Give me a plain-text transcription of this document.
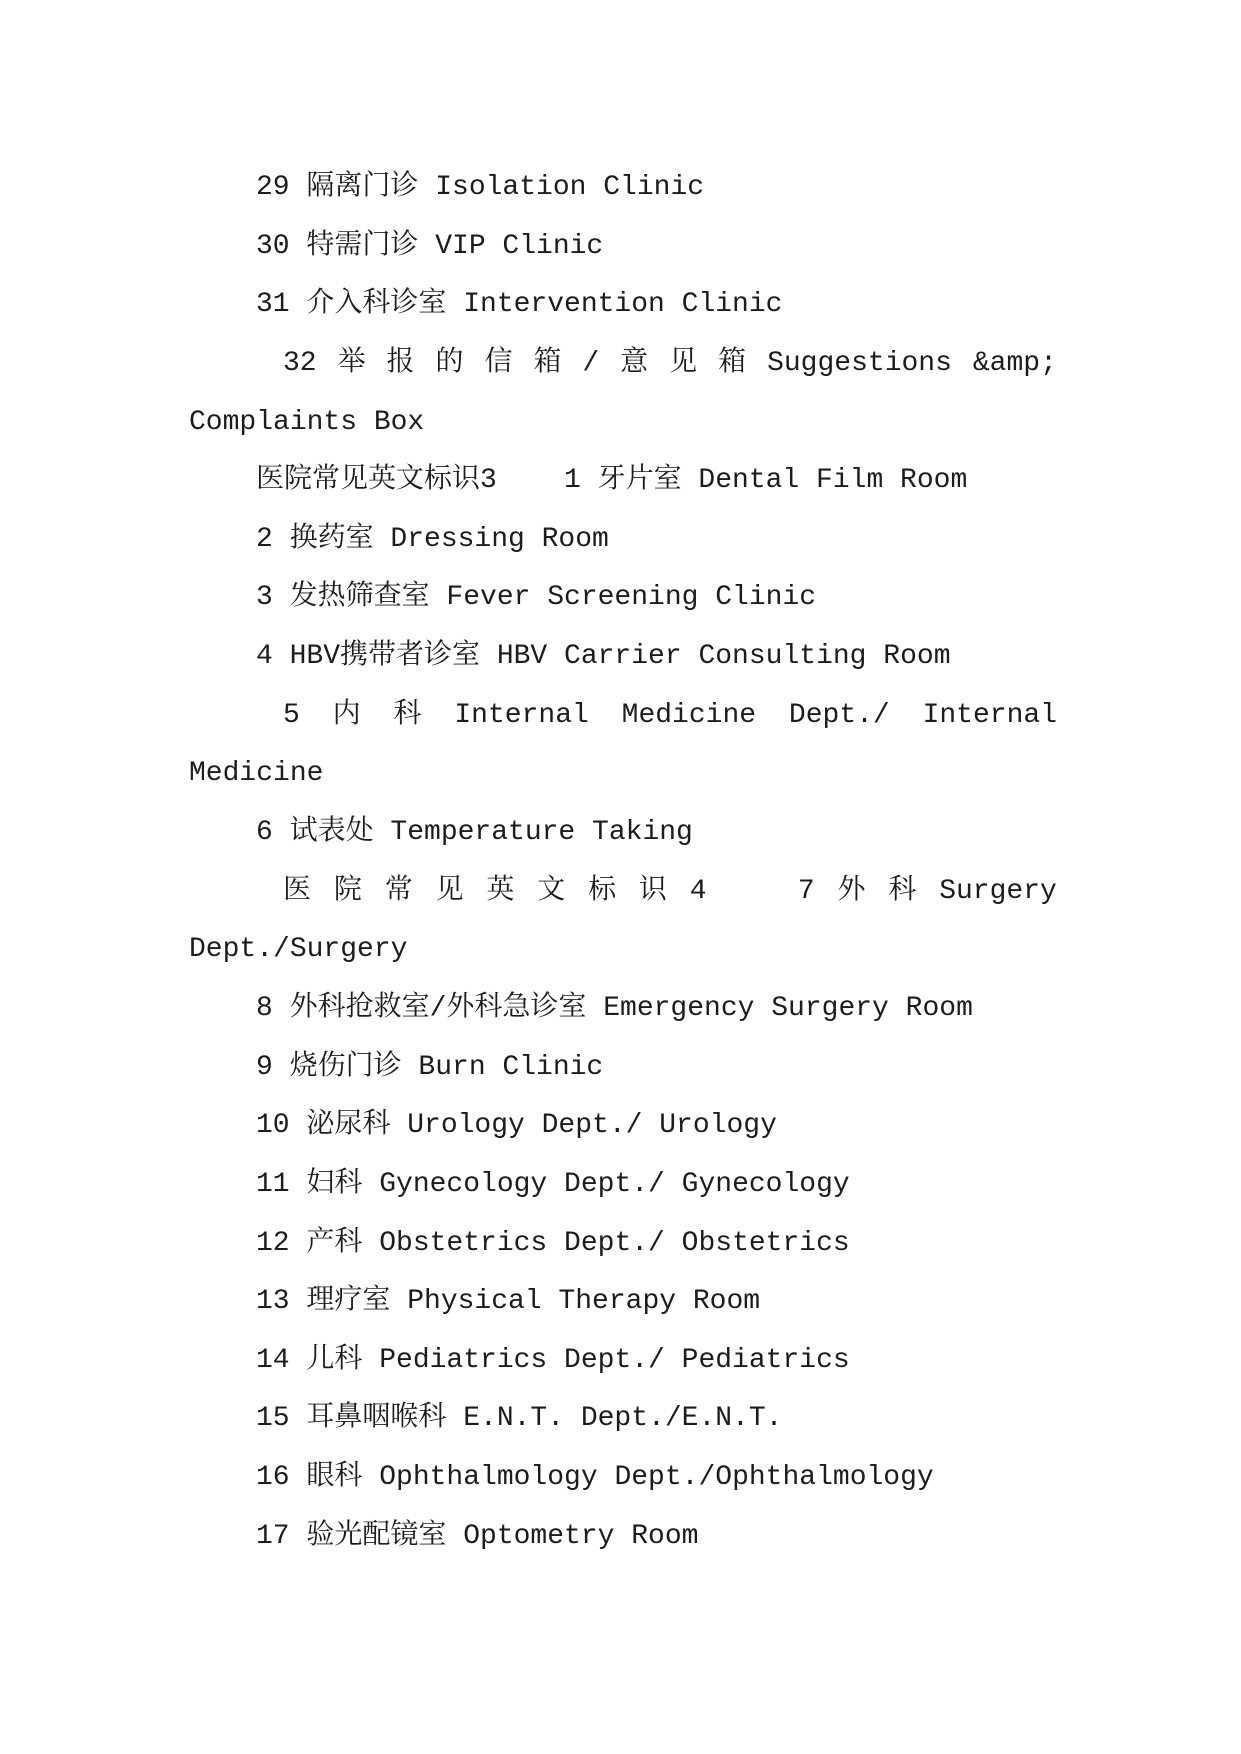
29 隔离门诊 Isolation Clinic
30 特需门诊 VIP Clinic
31 介入科诊室 Intervention Clinic
32 举 报 的 信 箱 / 意 见 箱 Suggestions &amp;
Complaints Box
医院常见英文标识3    1 牙片室 Dental Film Room
2 换药室 Dressing Room
3 发热筛查室 Fever Screening Clinic
4 HBV携带者诊室 HBV Carrier Consulting Room
5 内 科 Internal Medicine Dept./ Internal
Medicine
6 试表处 Temperature Taking
医 院 常 见 英 文 标 识 4	7 外 科 Surgery
Dept./Surgery
8 外科抢救室/外科急诊室 Emergency Surgery Room
9 烧伤门诊 Burn Clinic
10 泌尿科 Urology Dept./ Urology
11 妇科 Gynecology Dept./ Gynecology
12 产科 Obstetrics Dept./ Obstetrics
13 理疗室 Physical Therapy Room
14 儿科 Pediatrics Dept./ Pediatrics
15 耳鼻咽喉科 E.N.T. Dept./E.N.T.
16 眼科 Ophthalmology Dept./Ophthalmology
17 验光配镜室 Optometry Room
